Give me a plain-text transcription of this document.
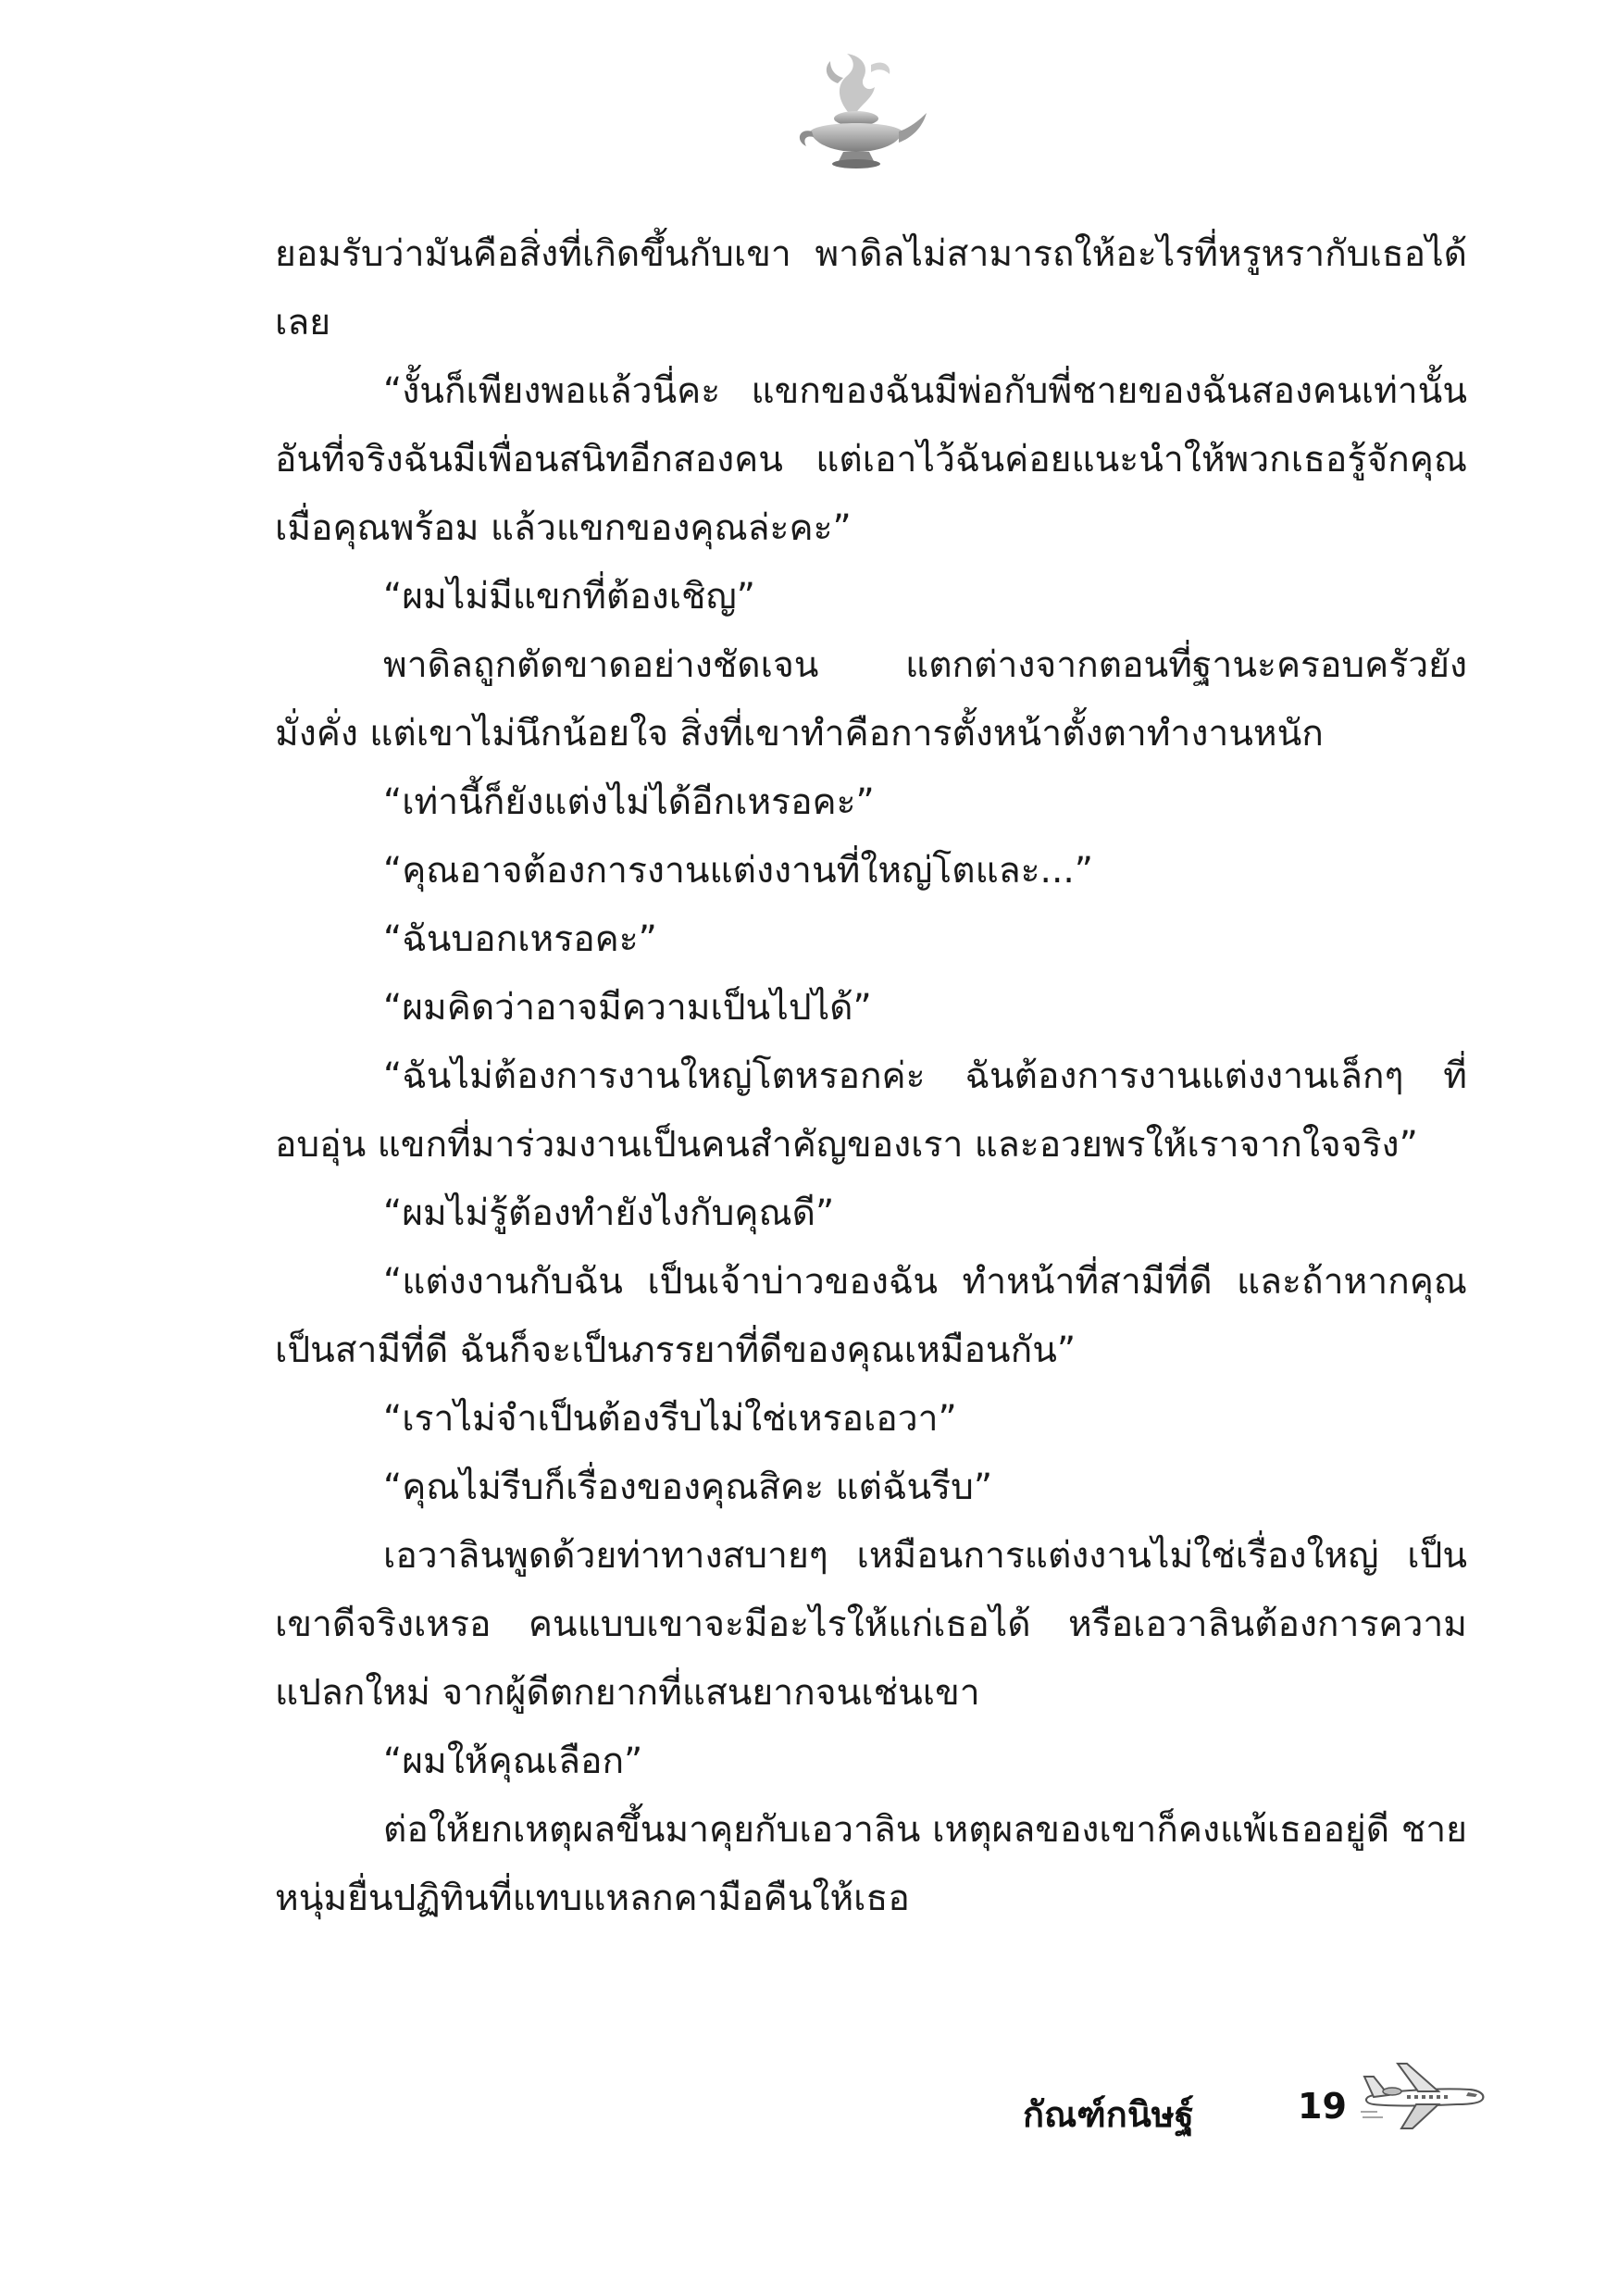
ยอมรับว่ามันคือสิ่งที่เกิดขึ้นกับเขา พาดิลไม่สามารถให้อะไรที่หรูหรากับเธอได้เลย

“งั้นก็เพียงพอแล้วนี่คะ แขกของฉันมีพ่อกับพี่ชายของฉันสองคนเท่านั้น อันที่จริงฉันมีเพื่อนสนิทอีกสองคน แต่เอาไว้ฉันค่อยแนะนำให้พวกเธอรู้จักคุณเมื่อคุณพร้อม แล้วแขกของคุณล่ะคะ”

“ผมไม่มีแขกที่ต้องเชิญ”

พาดิลถูกตัดขาดอย่างชัดเจน แตกต่างจากตอนที่ฐานะครอบครัวยังมั่งคั่ง แต่เขาไม่นึกน้อยใจ สิ่งที่เขาทำคือการตั้งหน้าตั้งตาทำงานหนัก

“เท่านี้ก็ยังแต่งไม่ได้อีกเหรอคะ”

“คุณอาจต้องการงานแต่งงานที่ใหญ่โตและ...”

“ฉันบอกเหรอคะ”

“ผมคิดว่าอาจมีความเป็นไปได้”

“ฉันไม่ต้องการงานใหญ่โตหรอกค่ะ ฉันต้องการงานแต่งงานเล็กๆ ที่อบอุ่น แขกที่มาร่วมงานเป็นคนสำคัญของเรา และอวยพรให้เราจากใจจริง”

“ผมไม่รู้ต้องทำยังไงกับคุณดี”

“แต่งงานกับฉัน เป็นเจ้าบ่าวของฉัน ทำหน้าที่สามีที่ดี และถ้าหากคุณเป็นสามีที่ดี ฉันก็จะเป็นภรรยาที่ดีของคุณเหมือนกัน”

“เราไม่จำเป็นต้องรีบไม่ใช่เหรอเอวา”

“คุณไม่รีบก็เรื่องของคุณสิคะ แต่ฉันรีบ”

เอวาลินพูดด้วยท่าทางสบายๆ เหมือนการแต่งงานไม่ใช่เรื่องใหญ่ เป็นเขาดีจริงเหรอ คนแบบเขาจะมีอะไรให้แก่เธอได้ หรือเอวาลินต้องการความแปลกใหม่ จากผู้ดีตกยากที่แสนยากจนเช่นเขา

“ผมให้คุณเลือก”

ต่อให้ยกเหตุผลขึ้นมาคุยกับเอวาลิน เหตุผลของเขาก็คงแพ้เธออยู่ดี ชายหนุ่มยื่นปฏิทินที่แทบแหลกคามือคืนให้เธอ

กัณฑ์กนิษฐ์	19
